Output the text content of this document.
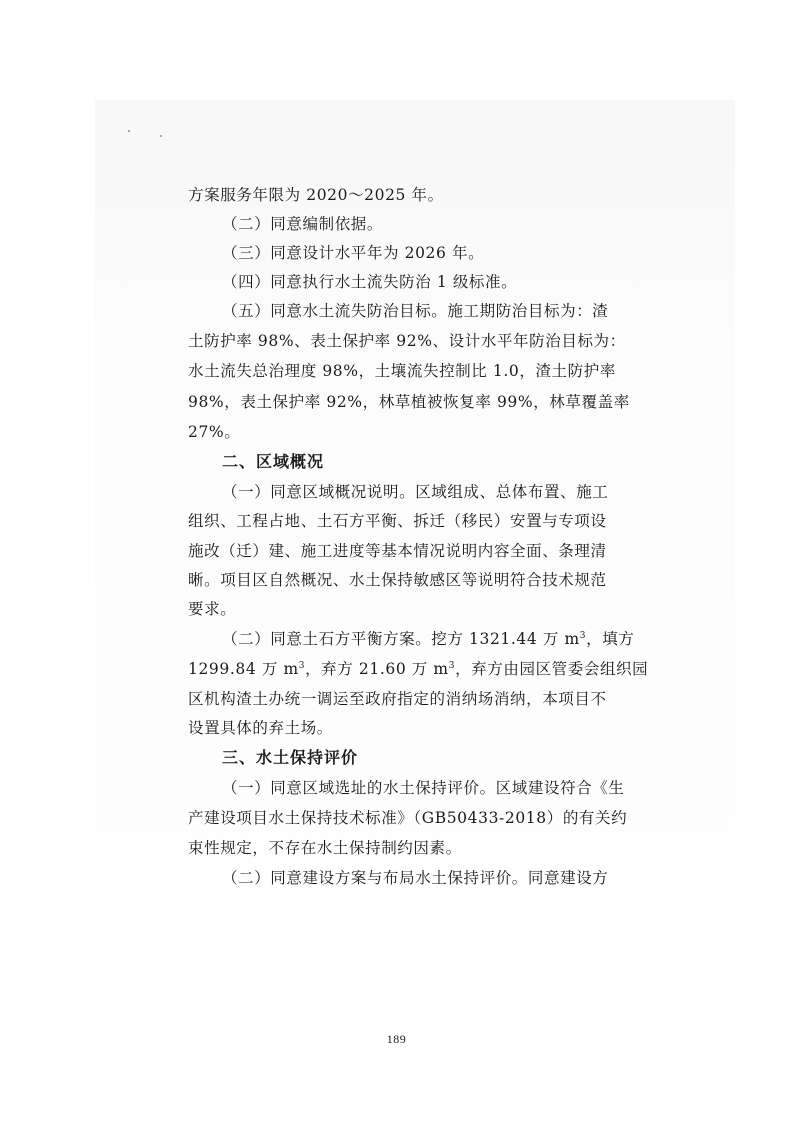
方案服务年限为 2020～2025 年。
（二）同意编制依据。
（三）同意设计水平年为 2026 年。
（四）同意执行水土流失防治 1 级标准。
（五）同意水土流失防治目标。施工期防治目标为：渣
土防护率 98%、表土保护率 92%、设计水平年防治目标为：
水土流失总治理度 98%，土壤流失控制比 1.0，渣土防护率
98%，表土保护率 92%，林草植被恢复率 99%，林草覆盖率
27%。
二、区域概况
（一）同意区域概况说明。区域组成、总体布置、施工
组织、工程占地、土石方平衡、拆迁（移民）安置与专项设
施改（迁）建、施工进度等基本情况说明内容全面、条理清
晰。项目区自然概况、水土保持敏感区等说明符合技术规范
要求。
（二）同意土石方平衡方案。挖方 1321.44 万 $m^3$，填方
1299.84 万 $m^3$，弃方 21.60 万 $m^3$，弃方由园区管委会组织园
区机构渣土办统一调运至政府指定的消纳场消纳，本项目不
设置具体的弃土场。
三、水土保持评价
（一）同意区域选址的水土保持评价。区域建设符合《生
产建设项目水土保持技术标准》（GB50433-2018）的有关约
束性规定，不存在水土保持制约因素。
（二）同意建设方案与布局水土保持评价。同意建设方
189
